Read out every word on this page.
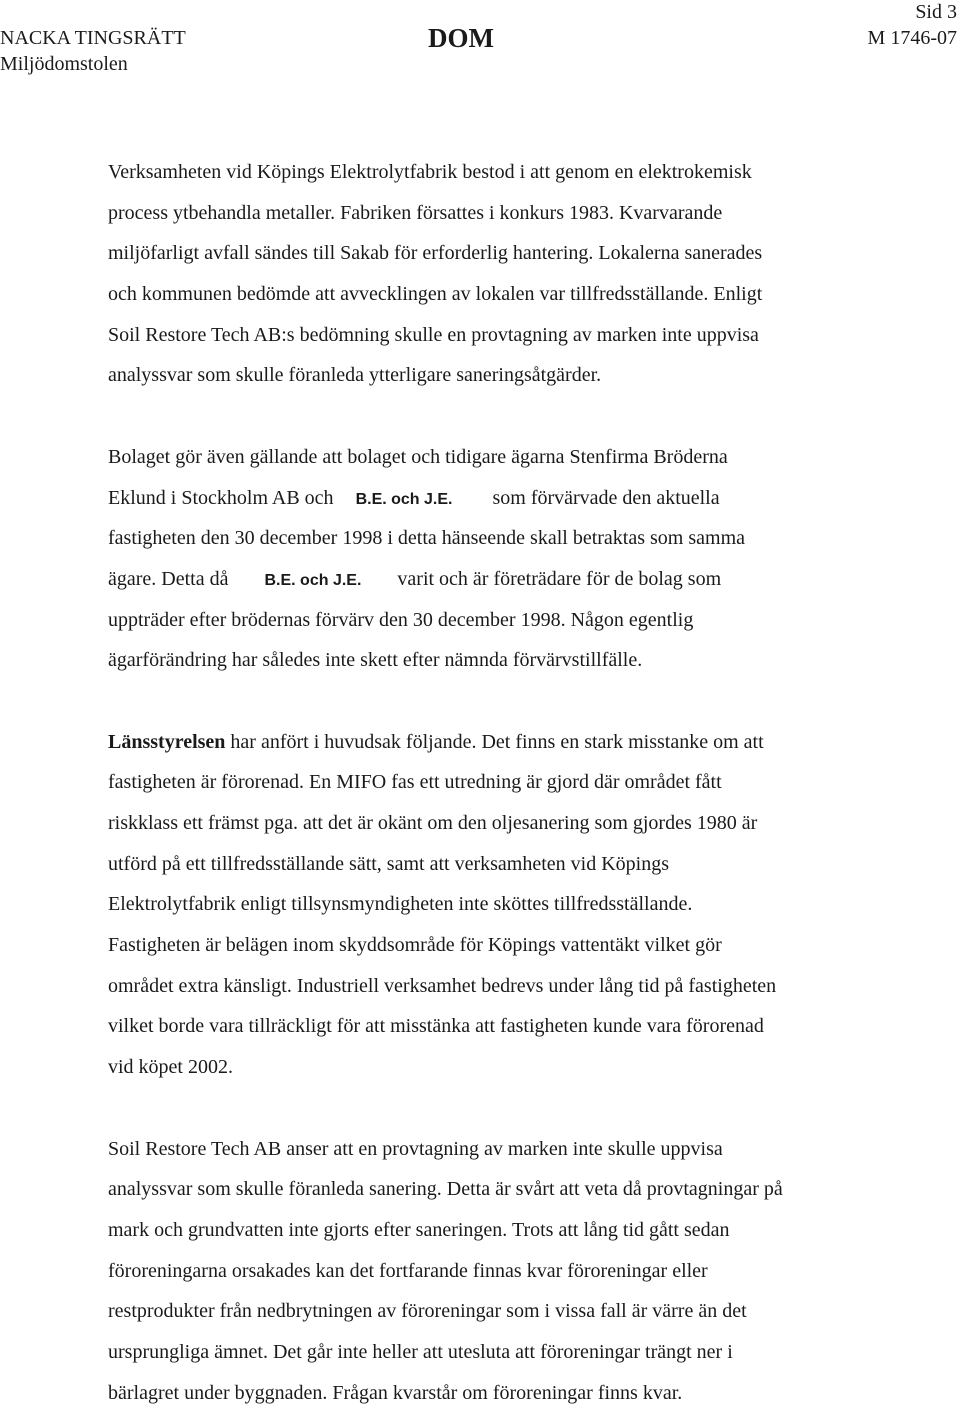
NACKA TINGSRÄTT
Miljödomstolen
DOM
Sid 3
M 1746-07
Verksamheten vid Köpings Elektrolytfabrik bestod i att genom en elektrokemisk
process ytbehandla metaller. Fabriken försattes i konkurs 1983. Kvarvarande
miljöfarligt avfall sändes till Sakab för erforderlig hantering. Lokalerna sanerades
och kommunen bedömde att avvecklingen av lokalen var tillfredsställande. Enligt
Soil Restore Tech AB:s bedömning skulle en provtagning av marken inte uppvisa
analyssvar som skulle föranleda ytterligare saneringsåtgärder.
Bolaget gör även gällande att bolaget och tidigare ägarna Stenfirma Bröderna
Eklund i Stockholm AB och B.E. och J.E. som förvärvade den aktuella
fastigheten den 30 december 1998 i detta hänseende skall betraktas som samma
ägare. Detta då B.E. och J.E. varit och är företrädare för de bolag som
uppträder efter brödernas förvärv den 30 december 1998. Någon egentlig
ägarförändring har således inte skett efter nämnda förvärvstillfälle.
Länsstyrelsen har anfört i huvudsak följande. Det finns en stark misstanke om att
fastigheten är förorenad. En MIFO fas ett utredning är gjord där området fått
riskklass ett främst pga. att det är okänt om den oljesanering som gjordes 1980 är
utförd på ett tillfredsställande sätt, samt att verksamheten vid Köpings
Elektrolytfabrik enligt tillsynsmyndigheten inte sköttes tillfredsställande.
Fastigheten är belägen inom skyddsområde för Köpings vattentäkt vilket gör
området extra känsligt. Industriell verksamhet bedrevs under lång tid på fastigheten
vilket borde vara tillräckligt för att misstänka att fastigheten kunde vara förorenad
vid köpet 2002.
Soil Restore Tech AB anser att en provtagning av marken inte skulle uppvisa
analyssvar som skulle föranleda sanering. Detta är svårt att veta då provtagningar på
mark och grundvatten inte gjorts efter saneringen. Trots att lång tid gått sedan
föroreningarna orsakades kan det fortfarande finnas kvar föroreningar eller
restprodukter från nedbrytningen av föroreningar som i vissa fall är värre än det
ursprungliga ämnet. Det går inte heller att utesluta att föroreningar trängt ner i
bärlagret under byggnaden. Frågan kvarstår om föroreningar finns kvar.
